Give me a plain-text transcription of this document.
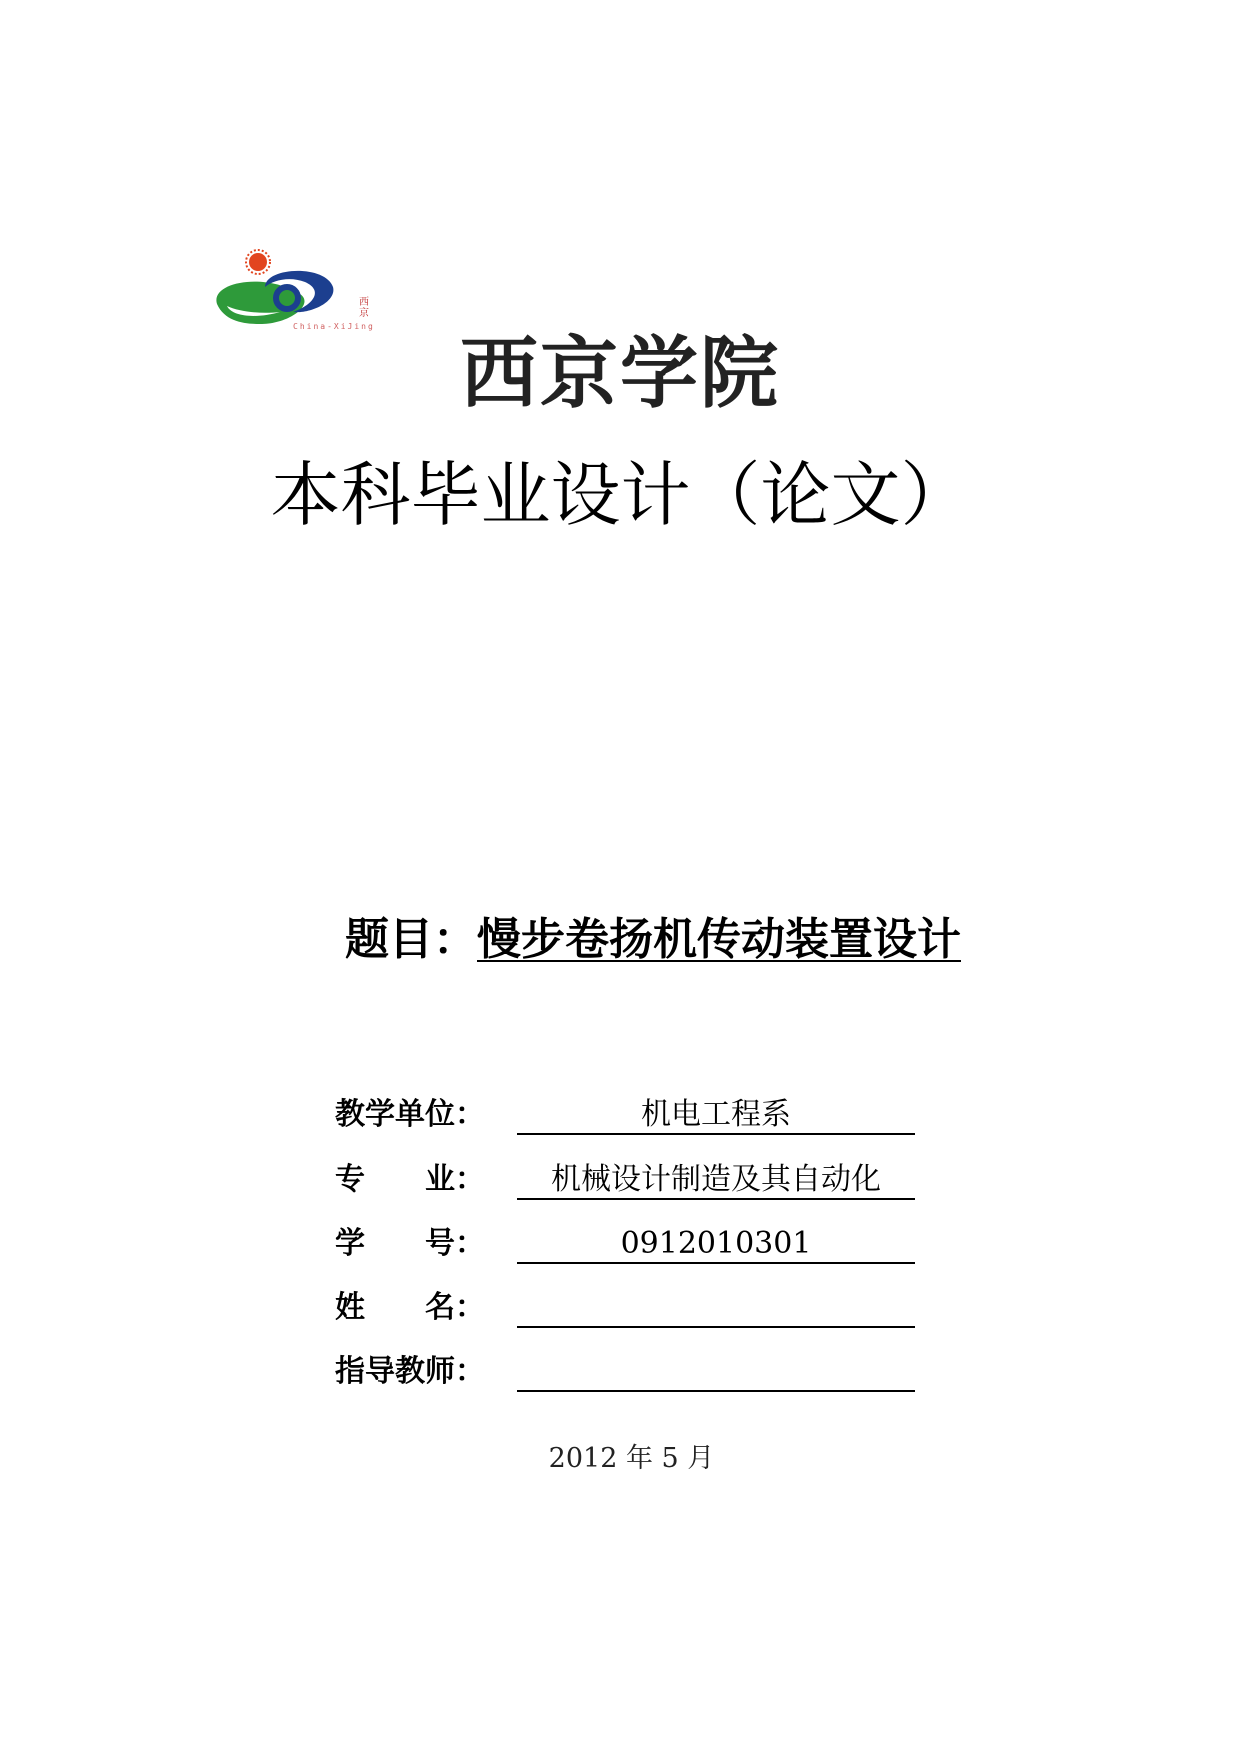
西京
China-XiJing
西京学院
本科毕业设计（论文）
题目：慢步卷扬机传动装置设计
教学单位：	机电工程系
专　　业：	机械设计制造及其自动化
学　　号：	0912010301
姓　　名：
指导教师：
2012 年 5 月
